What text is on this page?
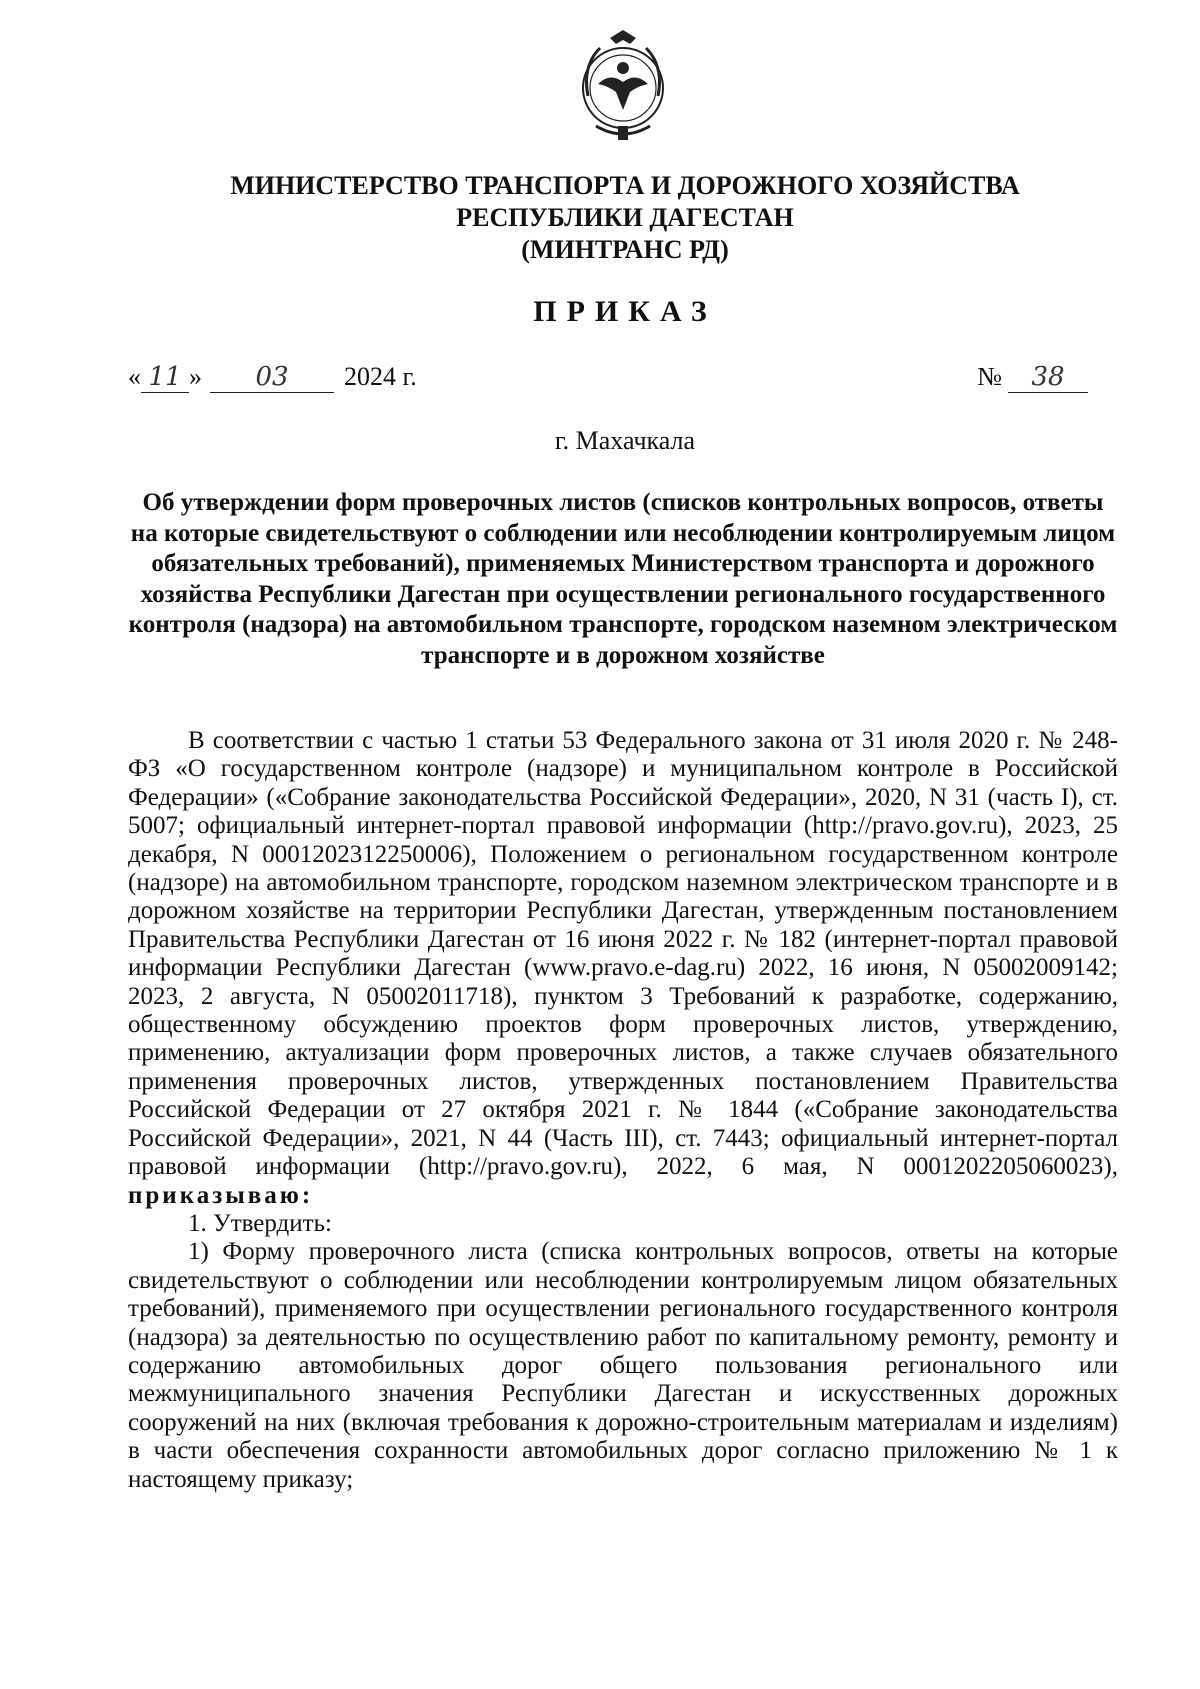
МИНИСТЕРСТВО ТРАНСПОРТА И ДОРОЖНОГО ХОЗЯЙСТВА
РЕСПУБЛИКИ ДАГЕСТАН
(МИНТРАНС РД)
ПРИКАЗ
« 11 » 03 2024 г.	№ 38
г. Махачкала
Об утверждении форм проверочных листов (списков контрольных вопросов, ответы на которые свидетельствуют о соблюдении или несоблюдении контролируемым лицом обязательных требований), применяемых Министерством транспорта и дорожного хозяйства Республики Дагестан при осуществлении регионального государственного контроля (надзора) на автомобильном транспорте, городском наземном электрическом транспорте и в дорожном хозяйстве

В соответствии с частью 1 статьи 53 Федерального закона от 31 июля 2020 г. № 248-ФЗ «О государственном контроле (надзоре) и муниципальном контроле в Российской Федерации» («Собрание законодательства Российской Федерации», 2020, N 31 (часть I), ст. 5007; официальный интернет-портал правовой информации (http://pravo.gov.ru), 2023, 25 декабря, N 0001202312250006), Положением о региональном государственном контроле (надзоре) на автомобильном транспорте, городском наземном электрическом транспорте и в дорожном хозяйстве на территории Республики Дагестан, утвержденным постановлением Правительства Республики Дагестан от 16 июня 2022 г. № 182 (интернет-портал правовой информации Республики Дагестан (www.pravo.e-dag.ru) 2022, 16 июня, N 05002009142; 2023, 2 августа, N 05002011718), пунктом 3 Требований к разработке, содержанию, общественному обсуждению проектов форм проверочных листов, утверждению, применению, актуализации форм проверочных листов, а также случаев обязательного применения проверочных листов, утвержденных постановлением Правительства Российской Федерации от 27 октября 2021 г. № 1844 («Собрание законодательства Российской Федерации», 2021, N 44 (Часть III), ст. 7443; официальный интернет-портал правовой информации (http://pravo.gov.ru), 2022, 6 мая, N 0001202205060023), приказываю:

1. Утвердить:

1) Форму проверочного листа (списка контрольных вопросов, ответы на которые свидетельствуют о соблюдении или несоблюдении контролируемым лицом обязательных требований), применяемого при осуществлении регионального государственного контроля (надзора) за деятельностью по осуществлению работ по капитальному ремонту, ремонту и содержанию автомобильных дорог общего пользования регионального или межмуниципального значения Республики Дагестан и искусственных дорожных сооружений на них (включая требования к дорожно-строительным материалам и изделиям) в части обеспечения сохранности автомобильных дорог согласно приложению № 1 к настоящему приказу;
